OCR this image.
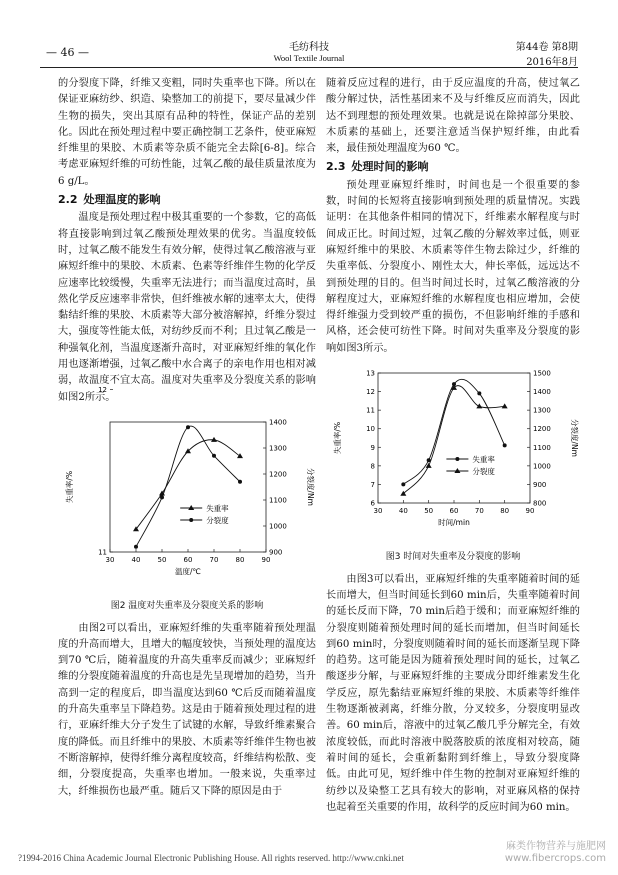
— 46 —	毛纺科技
Wool Textile Journal
第44卷 第8期
2016年8月

的分裂度下降，纤维又变粗，同时失重率也下降。所以在保证亚麻纺纱、织造、染整加工的前提下，要尽量减少伴生物的损失，突出其原有品种的特性，保证产品的差别化。因此在预处理过程中要正确控制工艺条件，使亚麻短纤维里的果胶、木质素等杂质不能完全去除[6-8]。综合考虑亚麻短纤维的可纺性能，过氧乙酸的最佳质量浓度为6 g/L。

2.2 处理温度的影响

温度是预处理过程中极其重要的一个参数，它的高低将直接影响到过氧乙酸预处理效果的优劣。当温度较低时，过氧乙酸不能发生有效分解，使得过氧乙酸溶液与亚麻短纤维中的果胶、木质素、色素等纤维伴生物的化学反应速率比较缓慢，失重率无法进行；而当温度过高时，虽然化学反应速率非常快，但纤维被水解的速率太大，使得黏结纤维的果胶、木质素等大部分被溶解掉，纤维分裂过大，强度等性能太低，对纺纱反而不利；且过氧乙酸是一种强氧化剂，当温度逐渐升高时，对亚麻短纤维的氧化作用也逐渐增强，过氧乙酸中水合离子的亲电作用也相对减弱，故温度不宜太高。温度对失重率及分裂度关系的影响如图2所示。

30 40 50 60 70 80 90
11
12
900
1000
1100
1200
1300
1400
温度/℃
失重率/%	分裂度/Nm
失重率
分裂度
图2 温度对失重率及分裂度关系的影响

由图2可以看出，亚麻短纤维的失重率随着预处理温度的升高而增大，且增大的幅度较快，当预处理的温度达到70 ℃后，随着温度的升高失重率反而减少；亚麻短纤维的分裂度随着温度的升高也是先呈现增加的趋势，当升高到一定的程度后，即当温度达到60 ℃后反而随着温度的升高失重率呈下降趋势。这是由于随着预处理过程的进行，亚麻纤维大分子发生了试键的水解，导致纤维素聚合度的降低。而且纤维中的果胶、木质素等纤维伴生物也被不断溶解掉，使得纤维分离程度较高，纤维结构松散、变细，分裂度提高，失重率也增加。一般来说，失重率过大，纤维损伤也最严重。随后又下降的原因是由于

随着反应过程的进行，由于反应温度的升高，使过氧乙酸分解过快，活性基团来不及与纤维反应而消失，因此达不到理想的预处理效果。也就是说在除掉部分果胶、木质素的基础上，还要注意适当保护短纤维，由此看来，最佳预处理温度为60 ℃。

2.3 处理时间的影响

预处理亚麻短纤维时，时间也是一个很重要的参数，时间的长短将直接影响到预处理的质量情况。实践证明：在其他条件相同的情况下，纤维素水解程度与时间成正比。时间过短，过氧乙酸的分解效率过低，则亚麻短纤维中的果胶、木质素等伴生物去除过少，纤维的失重率低、分裂度小、刚性太大，伸长率低，远远达不到预处理的目的。但当时间过长时，过氧乙酸溶液的分解程度过大，亚麻短纤维的水解程度也相应增加，会使得纤维强力受到较严重的损伤，不但影响纤维的手感和风格，还会使可纺性下降。时间对失重率及分裂度的影响如图3所示。

30 40 50 60 70 80 90
6
7
8
9
10
11
12
13
800
900
1000
1100
1200
1300
1400
1500
时间/min
失重率/%	分裂度/Nm
失重率
分裂度
图3 时间对失重率及分裂度的影响

由图3可以看出，亚麻短纤维的失重率随着时间的延长而增大，但当时间延长到60 min后，失重率随着时间的延长反而下降，70 min后趋于缓和；而亚麻短纤维的分裂度则随着预处理时间的延长而增加，但当时间延长到60 min时，分裂度则随着时间的延长而逐渐呈现下降的趋势。这可能是因为随着预处理时间的延长，过氧乙酸逐步分解，与亚麻短纤维的主要成分即纤维素发生化学反应，原先黏结亚麻短纤维的果胶、木质素等纤维伴生物逐渐被剥离，纤维分散，分叉较多，分裂度明显改善。60 min后，溶液中的过氧乙酸几乎分解完全，有效浓度较低，而此时溶液中脱落胶质的浓度相对较高，随着时间的延长，会重新黏附到纤维上，导致分裂度降低。由此可见，短纤维中伴生物的控制对亚麻短纤维的纺纱以及染整工艺具有较大的影响，对亚麻风格的保持也起着至关重要的作用，故科学的反应时间为60 min。

?1994-2016 China Academic Journal Electronic Publishing House. All rights reserved. http://www.cnki.net
麻类作物营养与施肥网
www.fibercrops.com
